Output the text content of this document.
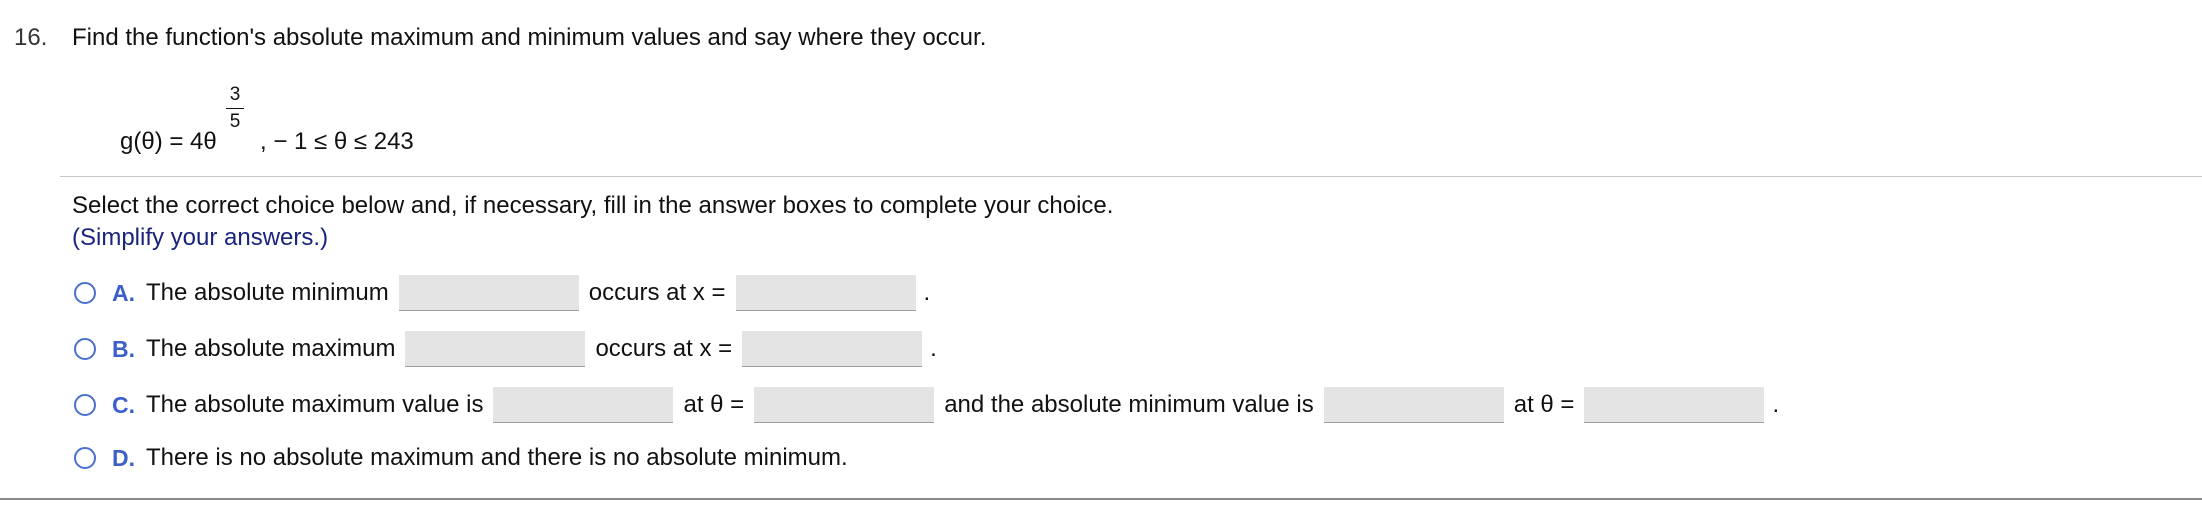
16. Find the function's absolute maximum and minimum values and say where they occur.
g(θ) = 4θ
3
5
, − 1 ≤ θ ≤ 243
Select the correct choice below and, if necessary, fill in the answer boxes to complete your choice.
(Simplify your answers.)
A. The absolute minimum	occurs at x =	.
B. The absolute maximum	occurs at x =	.
C. The absolute maximum value is	at θ =	and the absolute minimum value is	at θ =	.
D. There is no absolute maximum and there is no absolute minimum.
